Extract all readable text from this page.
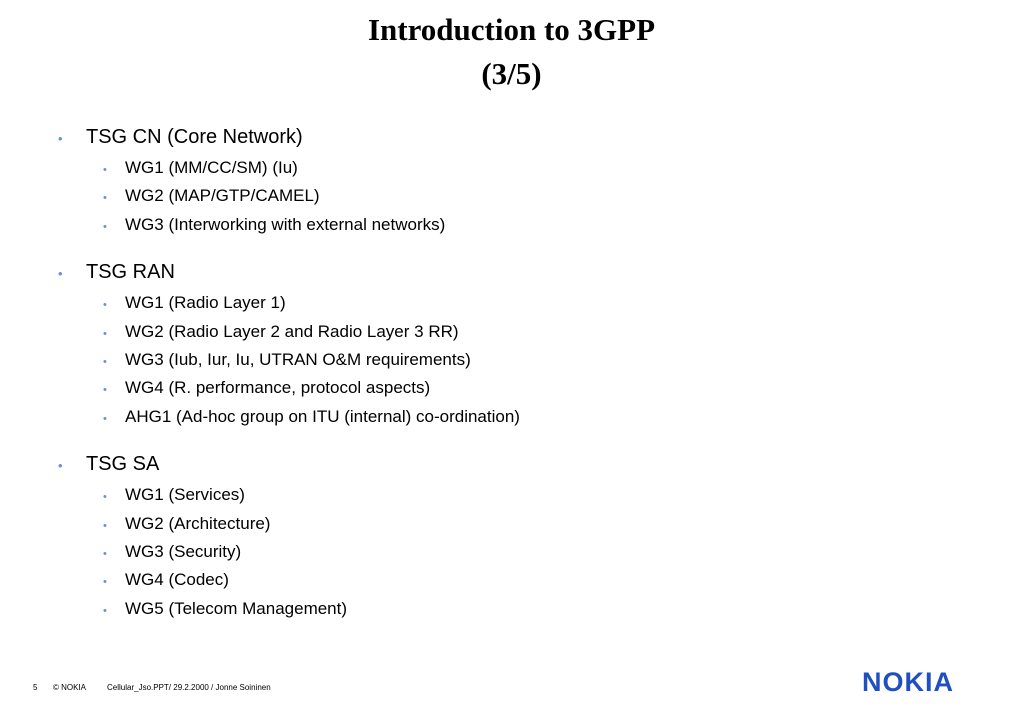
Introduction to 3GPP
(3/5)
•	TSG CN (Core Network)
•	WG1 (MM/CC/SM) (Iu)
•	WG2 (MAP/GTP/CAMEL)
•	WG3 (Interworking with external networks)
•	TSG RAN
•	WG1 (Radio Layer 1)
•	WG2 (Radio Layer 2 and Radio Layer 3 RR)
•	WG3 (Iub, Iur, Iu, UTRAN O&M requirements)
•	WG4 (R. performance, protocol aspects)
•	AHG1 (Ad-hoc group on ITU (internal) co-ordination)
•	TSG SA
•	WG1 (Services)
•	WG2 (Architecture)
•	WG3 (Security)
•	WG4 (Codec)
•	WG5 (Telecom Management)
5	© NOKIA	Cellular_Jso.PPT/ 29.2.2000 / Jonne Soininen	NOKIA
